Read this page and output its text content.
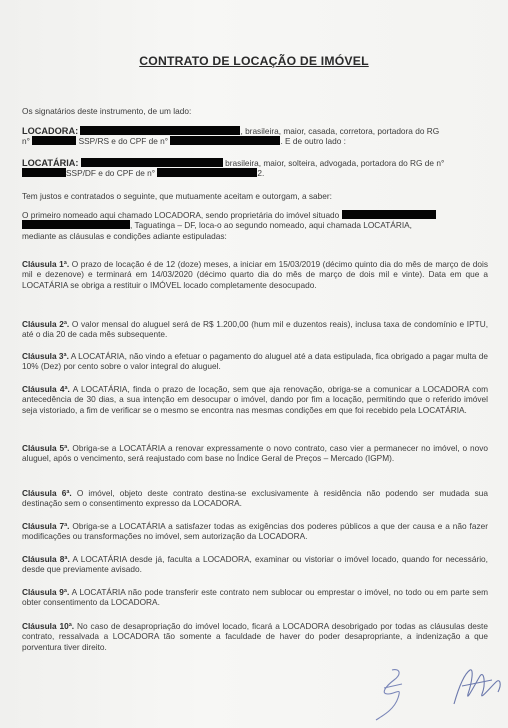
CONTRATO DE LOCAÇÃO DE IMÓVEL
Os signatários deste instrumento, de um lado:
LOCADORA:	, brasileira, maior, casada, corretora, portadora do RG
n°	SSP/RS e do CPF de n°	. E de outro lado :
LOCATÁRIA:	brasileira, maior, solteira, advogada, portadora do RG de n°
SSP/DF e do CPF de n°	2.
Tem justos e contratados o seguinte, que mutuamente aceitam e outorgam, a saber:
O primeiro nomeado aqui chamado LOCADORA, sendo proprietária do imóvel situado
, Taguatinga – DF, loca-o ao segundo nomeado, aqui chamada LOCATÁRIA,
mediante as cláusulas e condições adiante estipuladas:
Cláusula 1ª. O prazo de locação é de 12 (doze) meses, a iniciar em 15/03/2019 (décimo quinto dia do mês de março de dois mil e dezenove) e terminará em 14/03/2020 (décimo quarto dia do mês de março de dois mil e vinte). Data em que a LOCATÁRIA se obriga a restituir o IMÓVEL locado completamente desocupado.
Cláusula 2ª. O valor mensal do aluguel será de R$ 1.200,00 (hum mil e duzentos reais), inclusa taxa de condomínio e IPTU, até o dia 20 de cada mês subsequente.
Cláusula 3ª. A LOCATÁRIA, não vindo a efetuar o pagamento do aluguel até a data estipulada, fica obrigado a pagar multa de 10% (Dez) por cento sobre o valor integral do aluguel.
Cláusula 4ª. A LOCATÁRIA, finda o prazo de locação, sem que aja renovação, obriga-se a comunicar a LOCADORA com antecedência de 30 dias, a sua intenção em desocupar o imóvel, dando por fim a locação, permitindo que o referido imóvel seja vistoriado, a fim de verificar se o mesmo se encontra nas mesmas condições em que foi recebido pela LOCATÁRIA.
Cláusula 5ª. Obriga-se a LOCATÁRIA a renovar expressamente o novo contrato, caso vier a permanecer no imóvel, o novo aluguel, após o vencimento, será reajustado com base no Índice Geral de Preços – Mercado (IGPM).
Cláusula 6ª. O imóvel, objeto deste contrato destina-se exclusivamente à residência não podendo ser mudada sua destinação sem o consentimento expresso da LOCADORA.
Cláusula 7ª. Obriga-se a LOCATÁRIA a satisfazer todas as exigências dos poderes públicos a que der causa e a não fazer modificações ou transformações no imóvel, sem autorização da LOCADORA.
Cláusula 8ª. A LOCATÁRIA desde já, faculta a LOCADORA, examinar ou vistoriar o imóvel locado, quando for necessário, desde que previamente avisado.
Cláusula 9ª. A LOCATÁRIA não pode transferir este contrato nem sublocar ou emprestar o imóvel, no todo ou em parte sem obter consentimento da LOCADORA.
Cláusula 10ª. No caso de desapropriação do imóvel locado, ficará a LOCADORA desobrigado por todas as cláusulas deste contrato, ressalvada a LOCADORA tão somente a faculdade de haver do poder desapropriante, a indenização a que porventura tiver direito.
